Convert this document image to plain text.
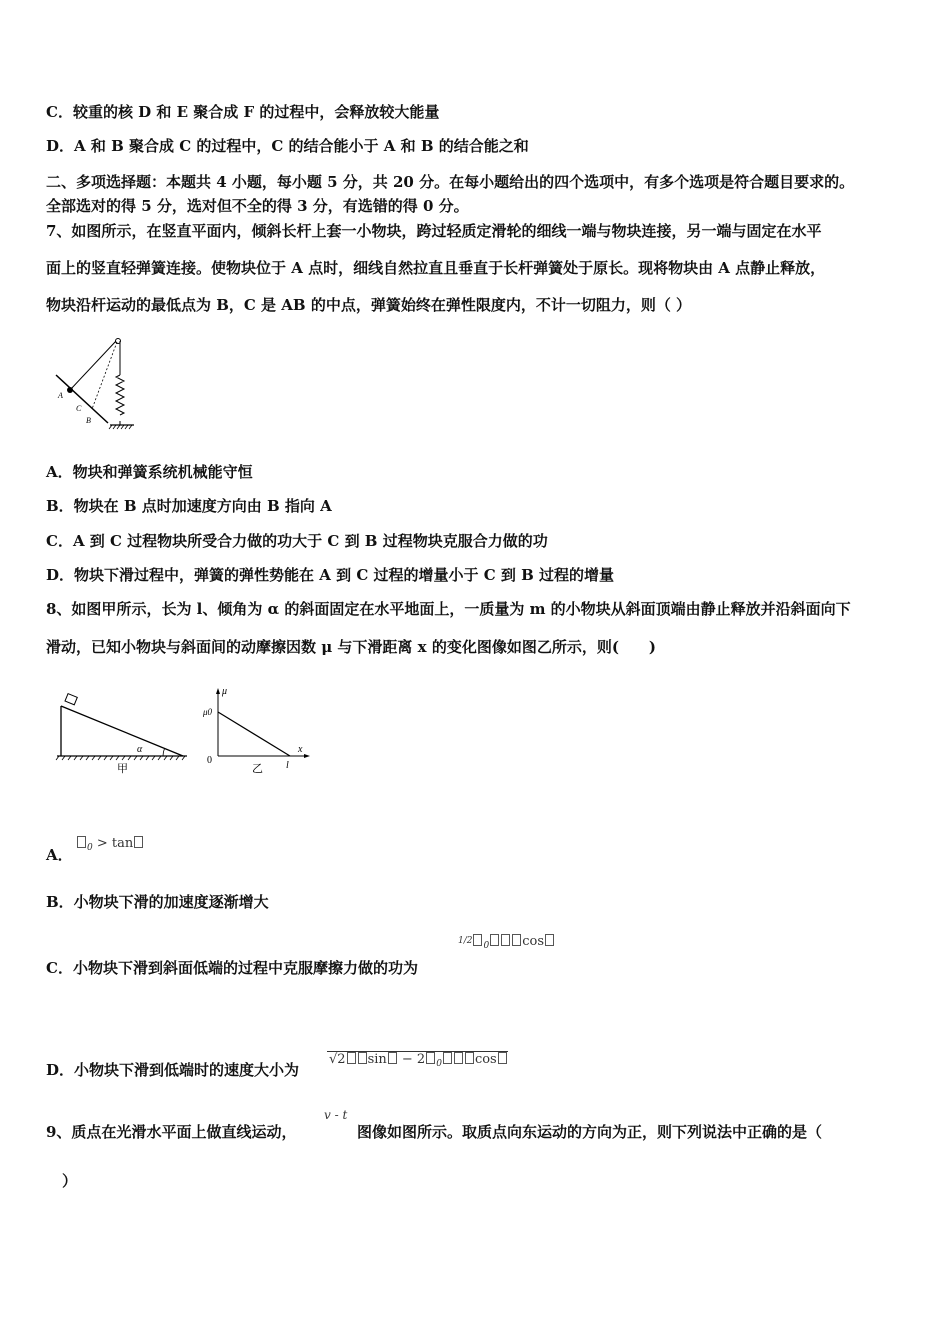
C．较重的核 D 和 E 聚合成 F 的过程中，会释放较大能量
D．A 和 B 聚合成 C 的过程中，C 的结合能小于 A 和 B 的结合能之和
二、多项选择题：本题共 4 小题，每小题 5 分，共 20 分。在每小题给出的四个选项中，有多个选项是符合题目要求的。
全部选对的得 5 分，选对但不全的得 3 分，有选错的得 0 分。
7、如图所示，在竖直平面内，倾斜长杆上套一小物块，跨过轻质定滑轮的细线一端与物块连接，另一端与固定在水平
面上的竖直轻弹簧连接。使物块位于 A 点时，细线自然拉直且垂直于长杆弹簧处于原长。现将物块由 A 点静止释放，
物块沿杆运动的最低点为 B，C 是 AB 的中点，弹簧始终在弹性限度内，不计一切阻力，则（ ）
A
C
B
A．物块和弹簧系统机械能守恒
B．物块在 B 点时加速度方向由 B 指向 A
C．A 到 C 过程物块所受合力做的功大于 C 到 B 过程物块克服合力做的功
D．物块下滑过程中，弹簧的弹性势能在 A 到 C 过程的增量小于 C 到 B 过程的增量
8、如图甲所示，长为 l、倾角为 α 的斜面固定在水平地面上，一质量为 m 的小物块从斜面顶端由静止释放并沿斜面向下
滑动，已知小物块与斜面间的动摩擦因数 μ 与下滑距离 x 的变化图像如图乙所示，则(　　)
α
甲
μ
μ0
x
0	l
乙
A．	$_0$ > tan
B．小物块下滑的加速度逐渐增大
C．小物块下滑到斜面低端的过程中克服摩擦力做的功为
1/2 $_0$	cos
D．小物块下滑到低端时的速度大小为
√2 sin − 2 $_0$	cos
9、质点在光滑水平面上做直线运动，
v - t
图像如图所示。取质点向东运动的方向为正，则下列说法中正确的是（
）
